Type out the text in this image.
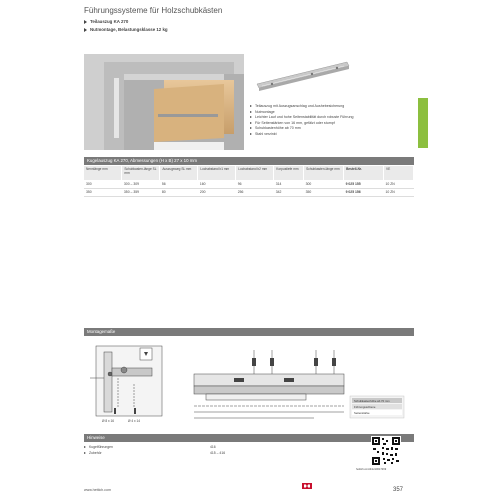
Führungssysteme für Holzschubkästen
Teilauszug KA 270
Nutmontage, Belastungsklasse 12 kg
Teilauszug mit Auszugsanschlag und Aushebesicherung
Nutmontage
Leichter Lauf und hohe Seitenstabilität durch robuste Führung
Für Seitenstärken von 16 mm, gefälzt oder stumpf
Schubkastenhöhe ab 70 mm
Stahl verzinkt
Kugelauszug KA 270, Abmessungen (H x B) 27 x 10 mm
Nennlänge mm	Schubkasten-länge SL mm	Auszugsweg SL mm	Lochabstand b1 mm	Lochabstand b2 mm	Korpustiefe mm	Schubkasten-länge mm	Bestell-Nr.	VE
300	300 – 309	56	160	96	314	300	9 025 155	10 ZN
350	350 – 359	80	200	256	342	350	9 025 156	10 ZN
Montagemaße
Ø 8 x 16	Ø 4 x 14
Schubkastenhöhe ab 70 mm
Führungsschiene
Seitenstärke
Hinweise
Kugelführungen	416
Zubehör	415 – 416
hettich.com/link/10017269
www.hettich.com	357
